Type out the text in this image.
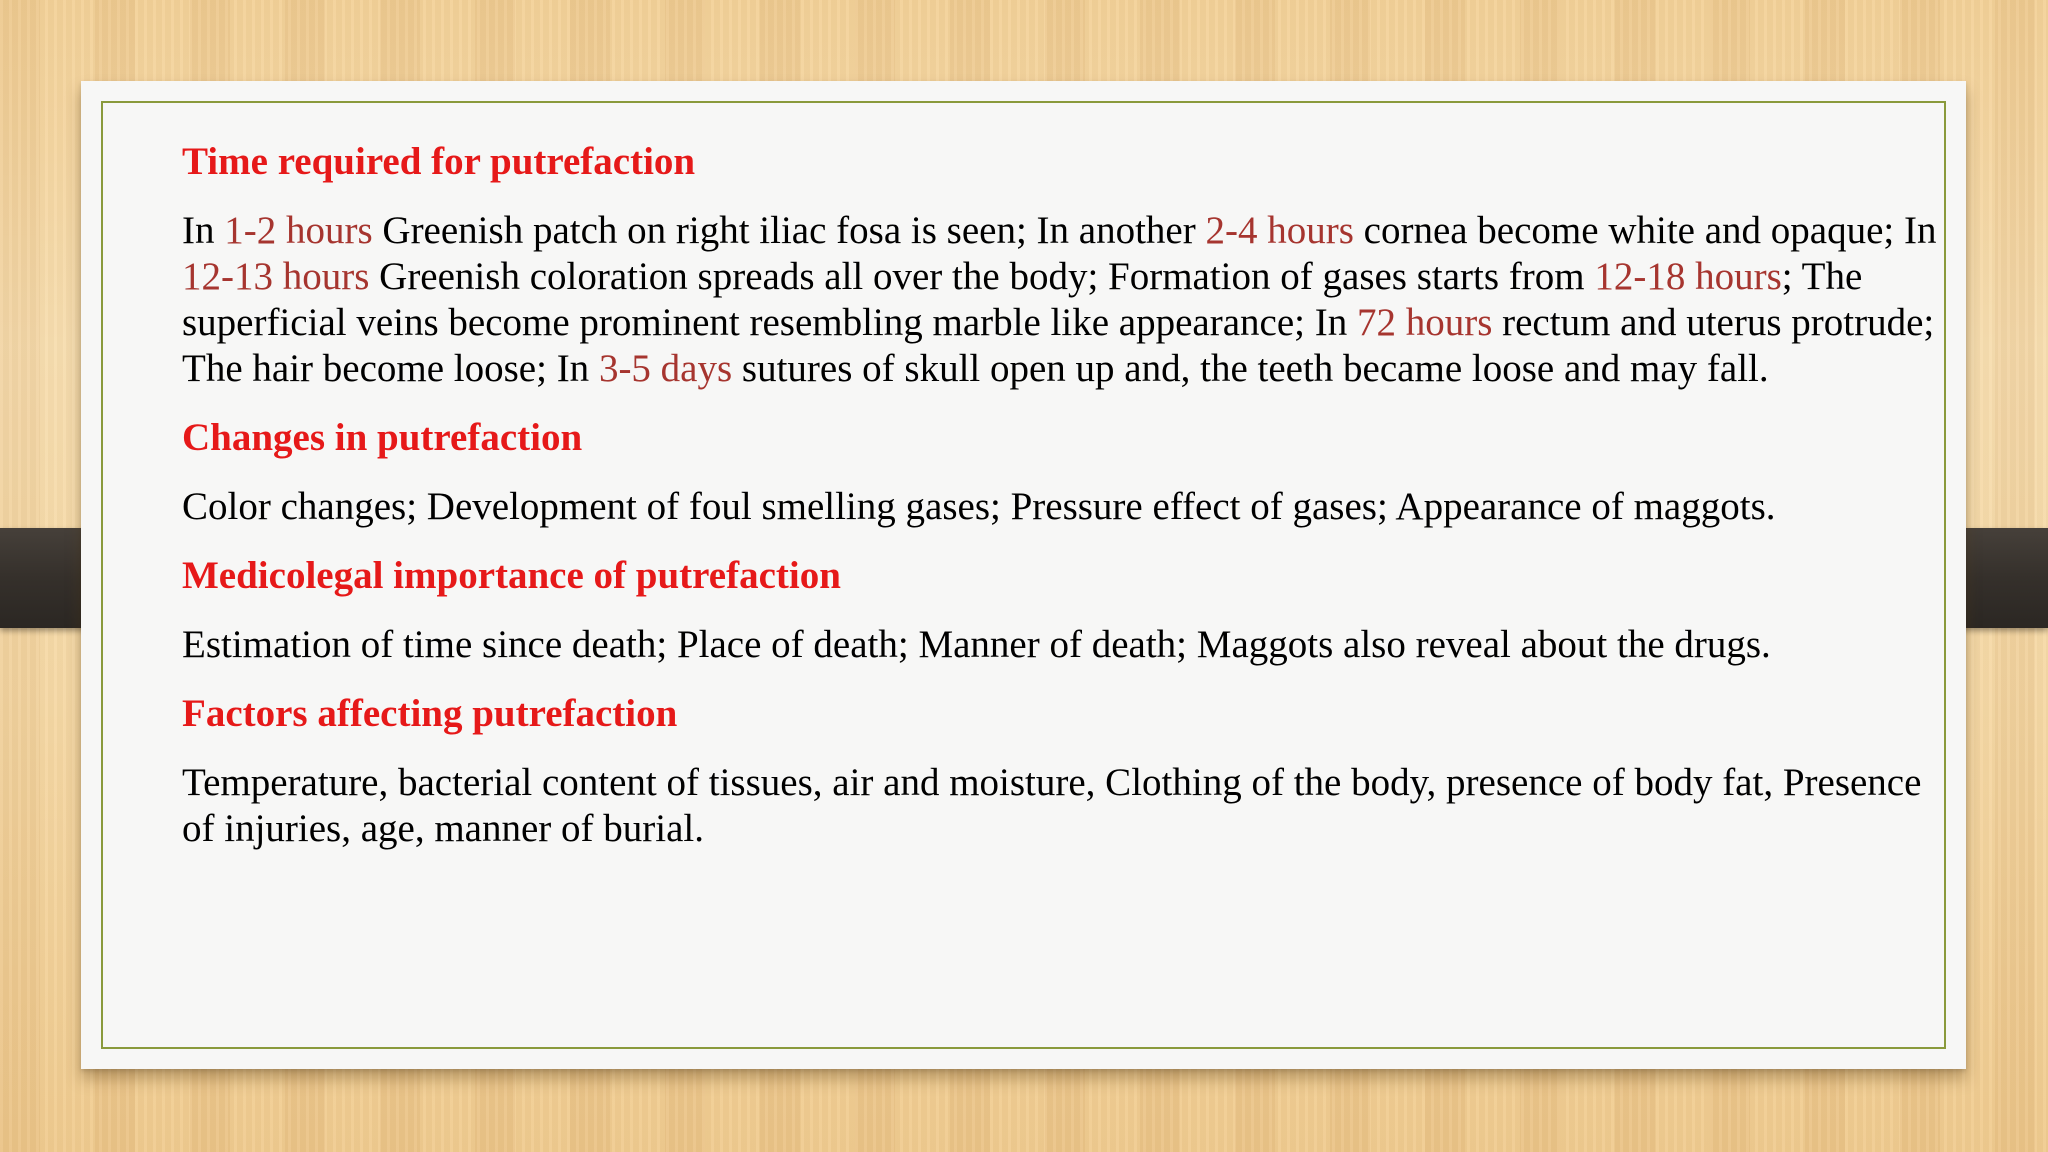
Time required for putrefaction
In 1-2 hours Greenish patch on right iliac fosa is seen; In another 2-4 hours cornea become white and opaque; In 12-13 hours Greenish coloration spreads all over the body; Formation of gases starts from 12-18 hours; The superficial veins become prominent resembling marble like appearance; In 72 hours rectum and uterus protrude; The hair become loose; In 3-5 days sutures of skull open up and, the teeth became loose and may fall.
Changes in putrefaction
Color changes; Development of foul smelling gases; Pressure effect of gases; Appearance of maggots.
Medicolegal importance of putrefaction
Estimation of time since death; Place of death; Manner of death; Maggots also reveal about the drugs.
Factors affecting putrefaction
Temperature, bacterial content of tissues, air and moisture, Clothing of the body, presence of body fat, Presence of injuries, age, manner of burial.
